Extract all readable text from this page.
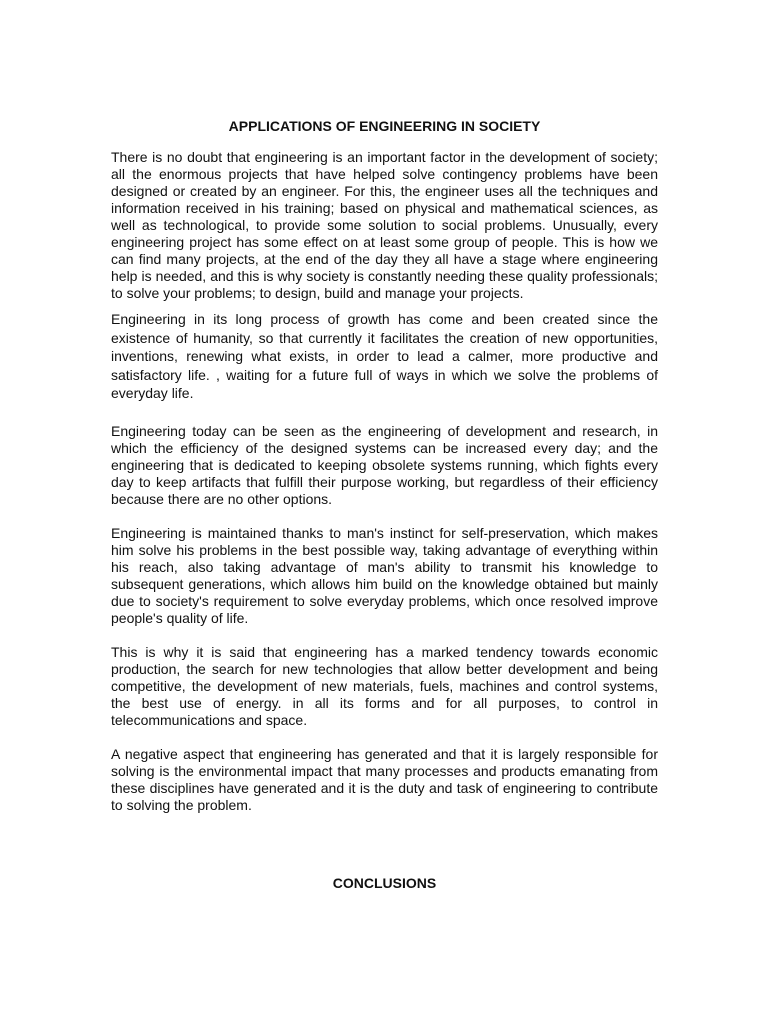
APPLICATIONS OF ENGINEERING IN SOCIETY

There is no doubt that engineering is an important factor in the development of society; all the enormous projects that have helped solve contingency problems have been designed or created by an engineer. For this, the engineer uses all the techniques and information received in his training; based on physical and mathematical sciences, as well as technological, to provide some solution to social problems. Unusually, every engineering project has some effect on at least some group of people. This is how we can find many projects, at the end of the day they all have a stage where engineering help is needed, and this is why society is constantly needing these quality professionals; to solve your problems; to design, build and manage your projects.

Engineering in its long process of growth has come and been created since the existence of humanity, so that currently it facilitates the creation of new opportunities, inventions, renewing what exists, in order to lead a calmer, more productive and satisfactory life. , waiting for a future full of ways in which we solve the problems of everyday life.

Engineering today can be seen as the engineering of development and research, in which the efficiency of the designed systems can be increased every day; and the engineering that is dedicated to keeping obsolete systems running, which fights every day to keep artifacts that fulfill their purpose working, but regardless of their efficiency because there are no other options.

Engineering is maintained thanks to man's instinct for self-preservation, which makes him solve his problems in the best possible way, taking advantage of everything within his reach, also taking advantage of man's ability to transmit his knowledge to subsequent generations, which allows him build on the knowledge obtained but mainly due to society's requirement to solve everyday problems, which once resolved improve people's quality of life.

This is why it is said that engineering has a marked tendency towards economic production, the search for new technologies that allow better development and being competitive, the development of new materials, fuels, machines and control systems, the best use of energy. in all its forms and for all purposes, to control in telecommunications and space.

A negative aspect that engineering has generated and that it is largely responsible for solving is the environmental impact that many processes and products emanating from these disciplines have generated and it is the duty and task of engineering to contribute to solving the problem.

CONCLUSIONS
